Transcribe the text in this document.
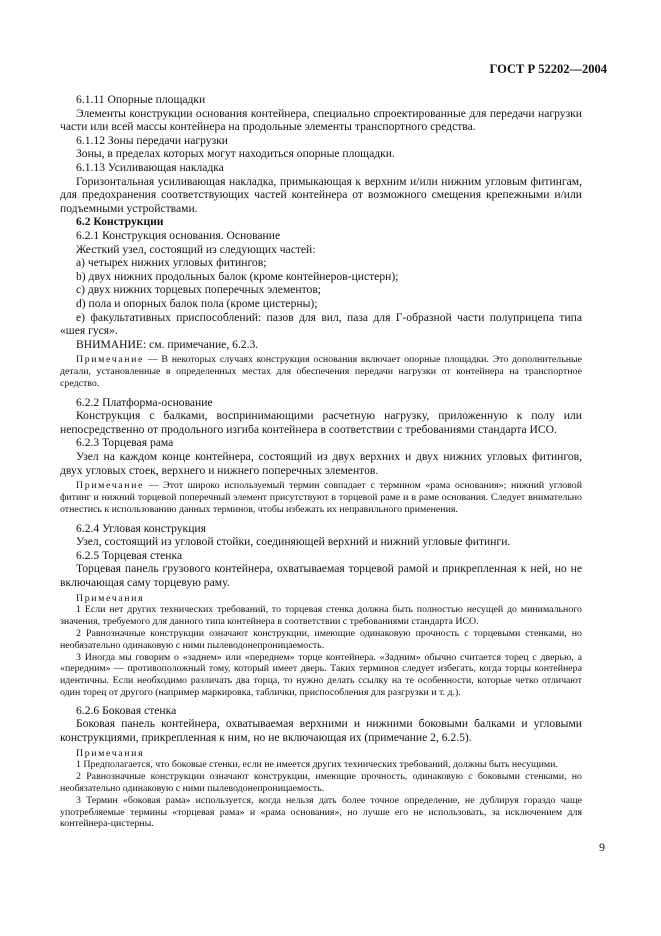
ГОСТ Р 52202—2004

6.1.11 Опорные площадки

Элементы конструкции основания контейнера, специально спроектированные для передачи нагрузки части или всей массы контейнера на продольные элементы транспортного средства.

6.1.12 Зоны передачи нагрузки

Зоны, в пределах которых могут находиться опорные площадки.

6.1.13 Усиливающая накладка

Горизонтальная усиливающая накладка, примыкающая к верхним и/или нижним угловым фитингам, для предохранения соответствующих частей контейнера от возможного смещения крепежными и/или подъемными устройствами.

6.2 Конструкции

6.2.1 Конструкция основания. Основание

Жесткий узел, состоящий из следующих частей:

а) четырех нижних угловых фитингов;

b) двух нижних продольных балок (кроме контейнеров-цистерн);

c) двух нижних торцевых поперечных элементов;

d) пола и опорных балок пола (кроме цистерны);

e) факультативных приспособлений: пазов для вил, паза для Г-образной части полуприцепа типа «шея гуся».

ВНИМАНИЕ: см. примечание, 6.2.3.

Примечание — В некоторых случаях конструкция основания включает опорные площадки. Это дополнительные детали, установленные в определенных местах для обеспечения передачи нагрузки от контейнера на транспортное средство.

6.2.2 Платформа-основание

Конструкция с балками, воспринимающими расчетную нагрузку, приложенную к полу или непосредственно от продольного изгиба контейнера в соответствии с требованиями стандарта ИСО.

6.2.3 Торцевая рама

Узел на каждом конце контейнера, состоящий из двух верхних и двух нижних угловых фитингов, двух угловых стоек, верхнего и нижнего поперечных элементов.

Примечание — Этот широко используемый термин совпадает с термином «рама основания»; нижний угловой фитинг и нижний торцевой поперечный элемент присутствуют в торцевой раме и в раме основания. Следует внимательно отнестись к использованию данных терминов, чтобы избежать их неправильного применения.

6.2.4 Угловая конструкция

Узел, состоящий из угловой стойки, соединяющей верхний и нижний угловые фитинги.

6.2.5 Торцевая стенка

Торцевая панель грузового контейнера, охватываемая торцевой рамой и прикрепленная к ней, но не включающая саму торцевую раму.

Примечания

1 Если нет других технических требований, то торцевая стенка должна быть полностью несущей до минимального значения, требуемого для данного типа контейнера в соответствии с требованиями стандарта ИСО.

2 Равнозначные конструкции означают конструкции, имеющие одинаковую прочность с торцевыми стенками, но необязательно одинаковую с ними пылеводонепроницаемость.

3 Иногда мы говорим о «заднем» или «переднем» торце контейнера. «Задним» обычно считается торец с дверью, а «передним» — противоположный тому, который имеет дверь. Таких терминов следует избегать, когда торцы контейнера идентичны. Если необходимо различать два торца, то нужно делать ссылку на те особенности, которые четко отличают один торец от другого (например маркировка, таблички, приспособления для разгрузки и т. д.).

6.2.6 Боковая стенка

Боковая панель контейнера, охватываемая верхними и нижними боковыми балками и угловыми конструкциями, прикрепленная к ним, но не включающая их (примечание 2, 6.2.5).

Примечания

1 Предполагается, что боковые стенки, если не имеется других технических требований, должны быть несущими.

2 Равнозначные конструкции означают конструкции, имеющие прочность, одинаковую с боковыми стенками, но необязательно одинаковую с ними пылеводонепроницаемость.

3 Термин «боковая рама» используется, когда нельзя дать более точное определение, не дублируя гораздо чаще употребляемые термины «торцевая рама» и «рама основания», но лучше его не использовать, за исключением для контейнера-цистерны.

9
